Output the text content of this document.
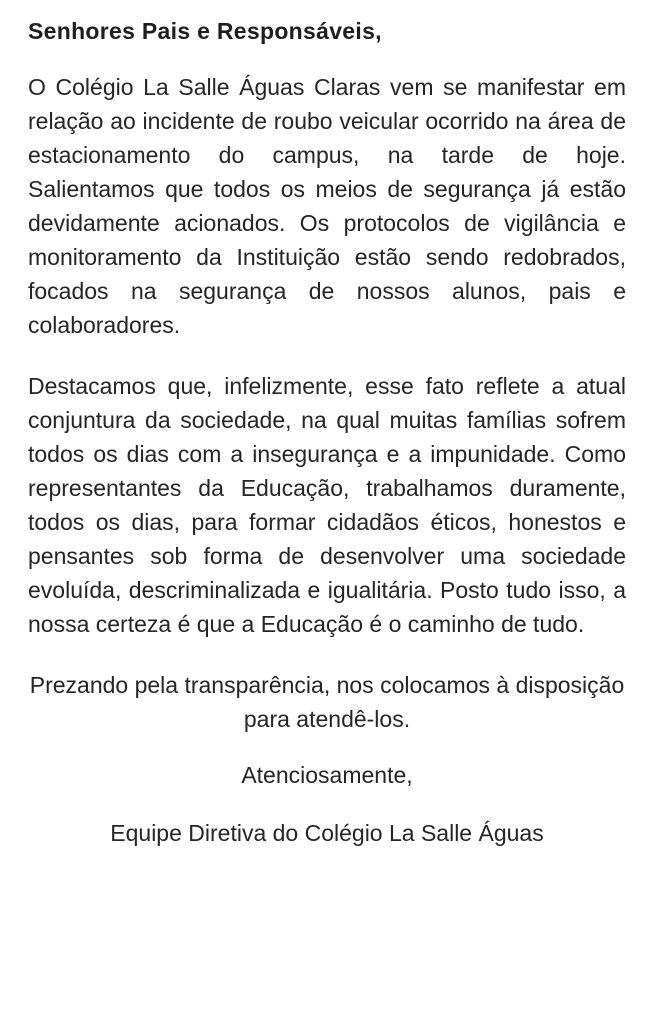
Senhores Pais e Responsáveis,

O Colégio La Salle Águas Claras vem se manifestar em relação ao incidente de roubo veicular ocorrido na área de estacionamento do campus, na tarde de hoje. Salientamos que todos os meios de segurança já estão devidamente acionados. Os protocolos de vigilância e monitoramento da Instituição estão sendo redobrados, focados na segurança de nossos alunos, pais e colaboradores.

Destacamos que, infelizmente, esse fato reflete a atual conjuntura da sociedade, na qual muitas famílias sofrem todos os dias com a insegurança e a impunidade. Como representantes da Educação, trabalhamos duramente, todos os dias, para formar cidadãos éticos, honestos e pensantes sob forma de desenvolver uma sociedade evoluída, descriminalizada e igualitária. Posto tudo isso, a nossa certeza é que a Educação é o caminho de tudo.

Prezando pela transparência, nos colocamos à disposição para atendê-los.

Atenciosamente,

Equipe Diretiva do Colégio La Salle Águas
